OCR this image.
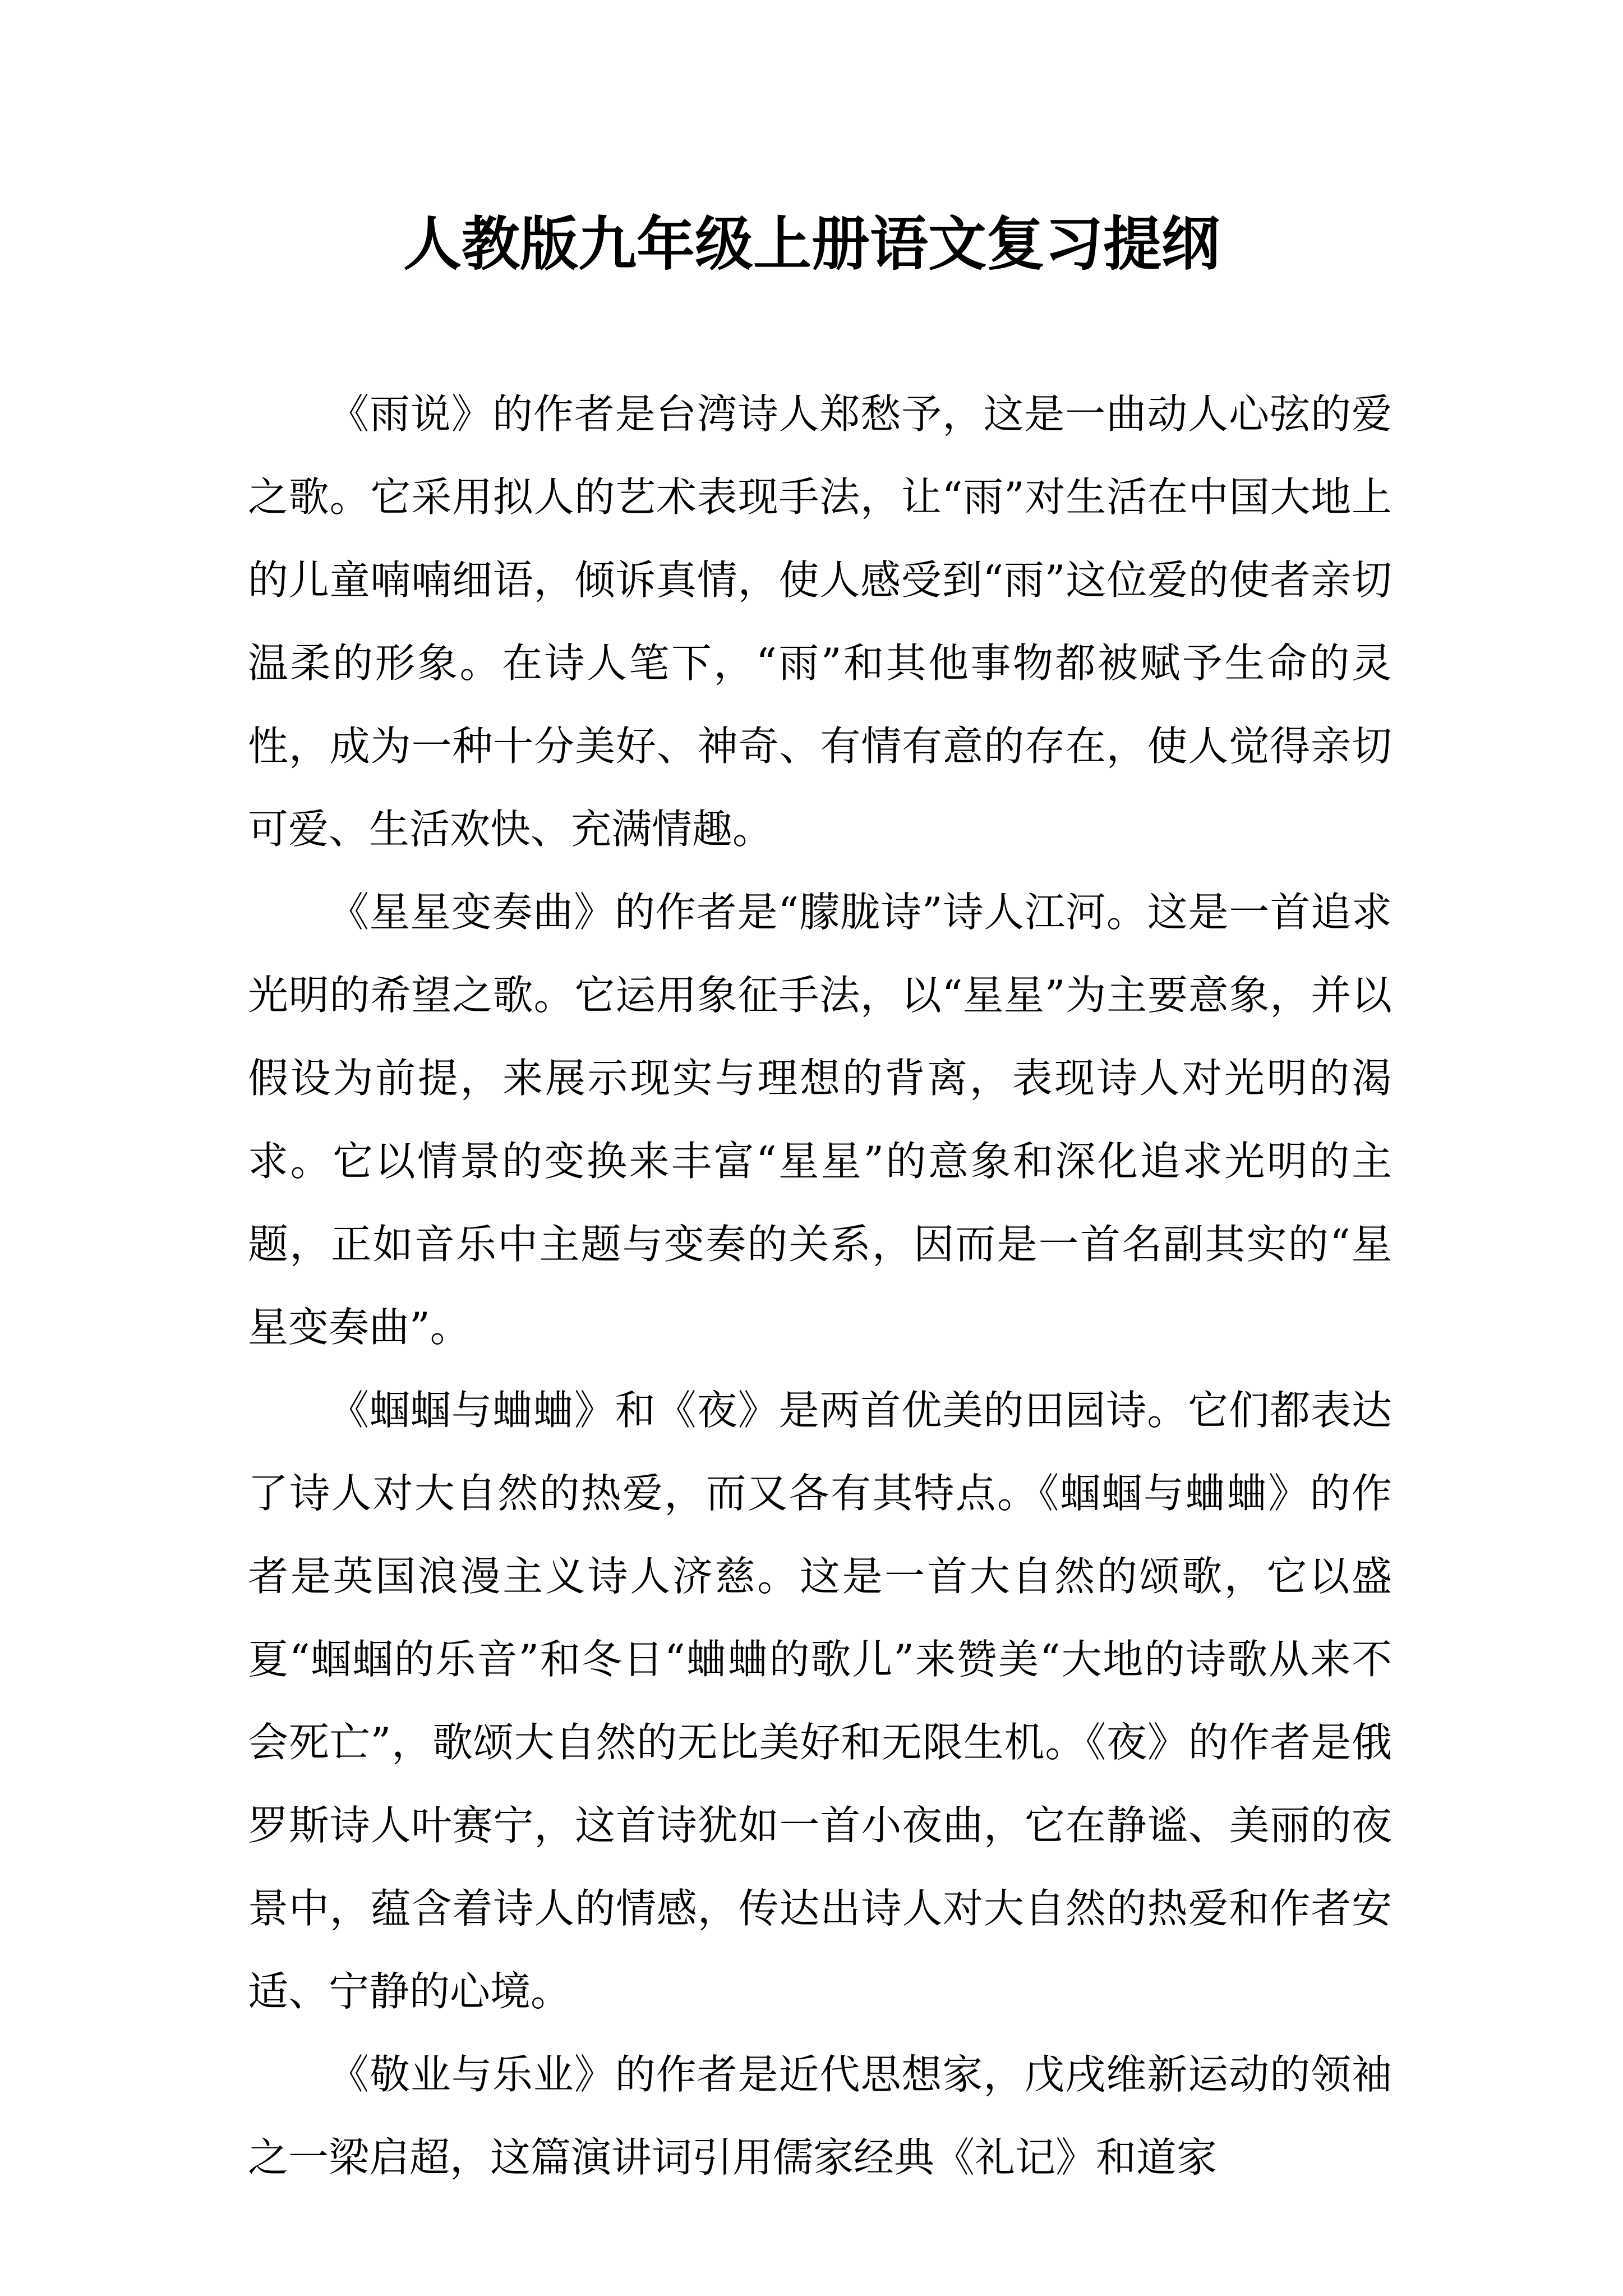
人教版九年级上册语文复习提纲

《雨说》的作者是台湾诗人郑愁予，这是一曲动人心弦的爱之歌。它采用拟人的艺术表现手法，让“雨”对生活在中国大地上的儿童喃喃细语，倾诉真情，使人感受到“雨”这位爱的使者亲切温柔的形象。在诗人笔下，“雨”和其他事物都被赋予生命的灵性，成为一种十分美好、神奇、有情有意的存在，使人觉得亲切可爱、生活欢快、充满情趣。

《星星变奏曲》的作者是“朦胧诗”诗人江河。这是一首追求光明的希望之歌。它运用象征手法，以“星星”为主要意象，并以假设为前提，来展示现实与理想的背离，表现诗人对光明的渴求。它以情景的变换来丰富“星星”的意象和深化追求光明的主题，正如音乐中主题与变奏的关系，因而是一首名副其实的“星星变奏曲”。

《蝈蝈与蛐蛐》和《夜》是两首优美的田园诗。它们都表达了诗人对大自然的热爱，而又各有其特点。《蝈蝈与蛐蛐》的作者是英国浪漫主义诗人济慈。这是一首大自然的颂歌，它以盛夏“蝈蝈的乐音”和冬日“蛐蛐的歌儿”来赞美“大地的诗歌从来不会死亡”，歌颂大自然的无比美好和无限生机。《夜》的作者是俄罗斯诗人叶赛宁，这首诗犹如一首小夜曲，它在静谧、美丽的夜景中，蕴含着诗人的情感，传达出诗人对大自然的热爱和作者安适、宁静的心境。

《敬业与乐业》的作者是近代思想家，戊戌维新运动的领袖之一梁启超，这篇演讲词引用儒家经典《礼记》和道家
